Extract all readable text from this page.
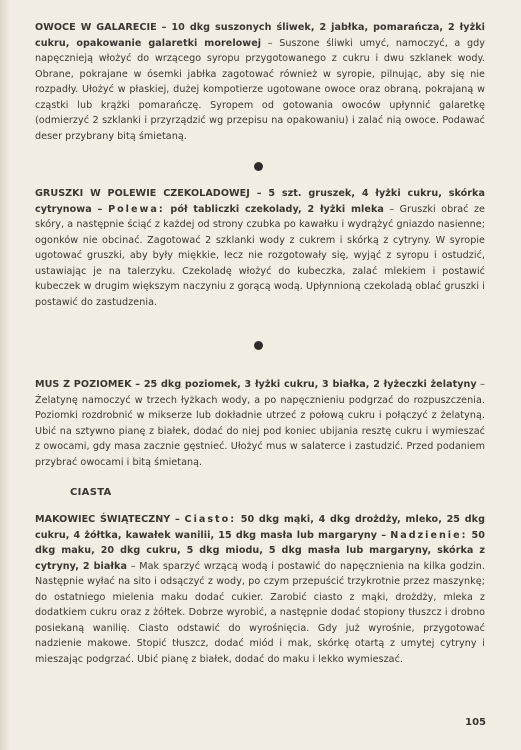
OWOCE W GALARECIE – 10 dkg suszonych śliwek, 2 jabłka, pomarańcza, 2 łyżki cukru, opakowanie galaretki morelowej – Suszone śliwki umyć, namoczyć, a gdy napęcznieją włożyć do wrzącego syropu przygotowanego z cukru i dwu szklanek wody. Obrane, pokrajane w ósemki jabłka zagotować również w syropie, pilnując, aby się nie rozpadły. Ułożyć w płaskiej, dużej kompotierze ugotowane owoce oraz obraną, pokrajaną w cząstki lub krążki pomarańczę. Syropem od gotowania owoców upłynnić galaretkę (odmierzyć 2 szklanki i przyrządzić wg przepisu na opakowaniu) i zalać nią owoce. Podawać deser przybrany bitą śmietaną.

GRUSZKI W POLEWIE CZEKOLADOWEJ – 5 szt. gruszek, 4 łyżki cukru, skórka cytrynowa – Polewa: pół tabliczki czekolady, 2 łyżki mleka – Gruszki obrać ze skóry, a następnie ściąć z każdej od strony czubka po kawałku i wydrążyć gniazdo nasienne; ogonków nie obcinać. Zagotować 2 szklanki wody z cukrem i skórką z cytryny. W syropie ugotować gruszki, aby były miękkie, lecz nie rozgotowały się, wyjąć z syropu i ostudzić, ustawiając je na talerzyku. Czekoladę włożyć do kubeczka, zalać mlekiem i postawić kubeczek w drugim większym naczyniu z gorącą wodą. Upłynnioną czekoladą oblać gruszki i postawić do zastudzenia.

MUS Z POZIOMEK – 25 dkg poziomek, 3 łyżki cukru, 3 białka, 2 łyżeczki żelatyny – Żelatynę namoczyć w trzech łyżkach wody, a po napęcznieniu podgrzać do rozpuszczenia. Poziomki rozdrobnić w mikserze lub dokładnie utrzeć z połową cukru i połączyć z żelatyną. Ubić na sztywno pianę z białek, dodać do niej pod koniec ubijania resztę cukru i wymieszać z owocami, gdy masa zacznie gęstnieć. Ułożyć mus w salaterce i zastudzić. Przed podaniem przybrać owocami i bitą śmietaną.

CIASTA

MAKOWIEC ŚWIĄTECZNY – Ciasto: 50 dkg mąki, 4 dkg drożdży, mleko, 25 dkg cukru, 4 żółtka, kawałek wanilii, 15 dkg masła lub margaryny – Nadzienie: 50 dkg maku, 20 dkg cukru, 5 dkg miodu, 5 dkg masła lub margaryny, skórka z cytryny, 2 białka – Mak sparzyć wrzącą wodą i postawić do napęcznienia na kilka godzin. Następnie wyłać na sito i odsączyć z wody, po czym przepuścić trzykrotnie przez maszynkę; do ostatniego mielenia maku dodać cukier. Zarobić ciasto z mąki, drożdży, mleka z dodatkiem cukru oraz z żółtek. Dobrze wyrobić, a następnie dodać stopiony tłuszcz i drobno posiekaną wanilię. Ciasto odstawić do wyrośnięcia. Gdy już wyrośnie, przygotować nadzienie makowe. Stopić tłuszcz, dodać miód i mak, skórkę otartą z umytej cytryny i mieszając podgrzać. Ubić pianę z białek, dodać do maku i lekko wymieszać.

105
